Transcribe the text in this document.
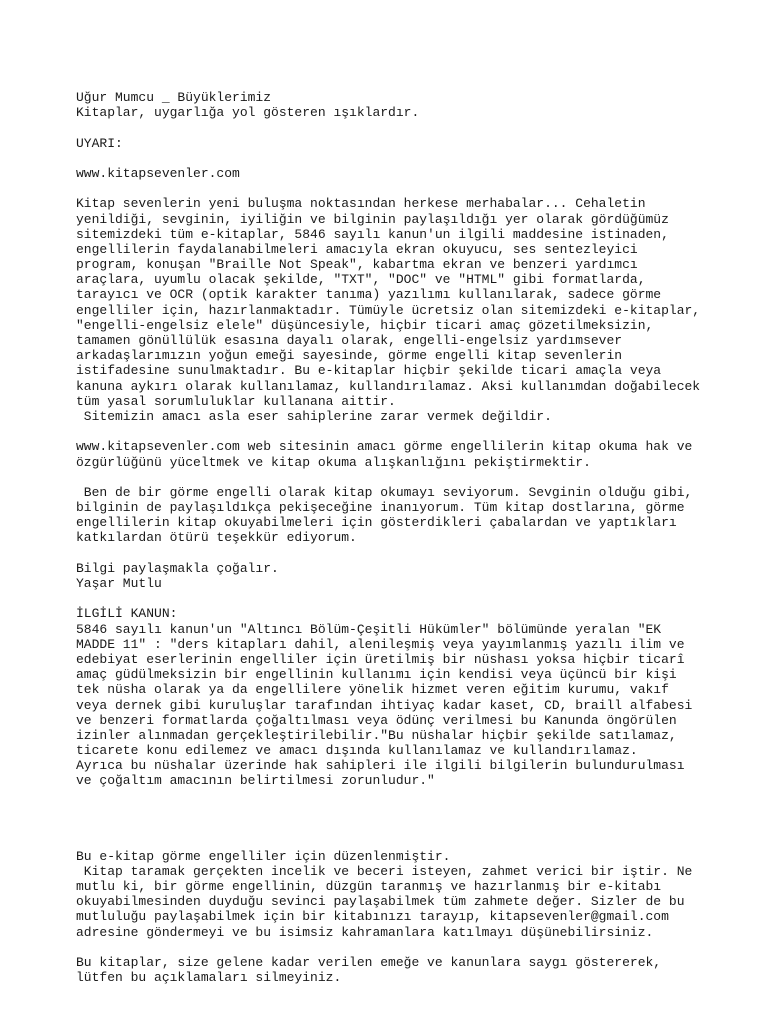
Uğur Mumcu _ Büyüklerimiz
Kitaplar, uygarlığa yol gösteren ışıklardır.
UYARI:
www.kitapsevenler.com
Kitap sevenlerin yeni buluşma noktasından herkese merhabalar... Cehaletin
yenildiği, sevginin, iyiliğin ve bilginin paylaşıldığı yer olarak gördüğümüz
sitemizdeki tüm e-kitaplar, 5846 sayılı kanun'un ilgili maddesine istinaden,
engellilerin faydalanabilmeleri amacıyla ekran okuyucu, ses sentezleyici
program, konuşan "Braille Not Speak", kabartma ekran ve benzeri yardımcı
araçlara, uyumlu olacak şekilde, "TXT", "DOC" ve "HTML" gibi formatlarda,
tarayıcı ve OCR (optik karakter tanıma) yazılımı kullanılarak, sadece görme
engelliler için, hazırlanmaktadır. Tümüyle ücretsiz olan sitemizdeki e-kitaplar,
"engelli-engelsiz elele" düşüncesiyle, hiçbir ticari amaç gözetilmeksizin,
tamamen gönüllülük esasına dayalı olarak, engelli-engelsiz yardımsever
arkadaşlarımızın yoğun emeği sayesinde, görme engelli kitap sevenlerin
istifadesine sunulmaktadır. Bu e-kitaplar hiçbir şekilde ticari amaçla veya
kanuna aykırı olarak kullanılamaz, kullandırılamaz. Aksi kullanımdan doğabilecek
tüm yasal sorumluluklar kullanana aittir.
Sitemizin amacı asla eser sahiplerine zarar vermek değildir.
www.kitapsevenler.com web sitesinin amacı görme engellilerin kitap okuma hak ve
özgürlüğünü yüceltmek ve kitap okuma alışkanlığını pekiştirmektir.
Ben de bir görme engelli olarak kitap okumayı seviyorum. Sevginin olduğu gibi,
bilginin de paylaşıldıkça pekişeceğine inanıyorum. Tüm kitap dostlarına, görme
engellilerin kitap okuyabilmeleri için gösterdikleri çabalardan ve yaptıkları
katkılardan ötürü teşekkür ediyorum.
Bilgi paylaşmakla çoğalır.
Yaşar Mutlu
İLGİLİ KANUN:
5846 sayılı kanun'un "Altıncı Bölüm-Çeşitli Hükümler" bölümünde yeralan "EK
MADDE 11" : "ders kitapları dahil, alenileşmiş veya yayımlanmış yazılı ilim ve
edebiyat eserlerinin engelliler için üretilmiş bir nüshası yoksa hiçbir ticarî
amaç güdülmeksizin bir engellinin kullanımı için kendisi veya üçüncü bir kişi
tek nüsha olarak ya da engellilere yönelik hizmet veren eğitim kurumu, vakıf
veya dernek gibi kuruluşlar tarafından ihtiyaç kadar kaset, CD, braill alfabesi
ve benzeri formatlarda çoğaltılması veya ödünç verilmesi bu Kanunda öngörülen
izinler alınmadan gerçekleştirilebilir."Bu nüshalar hiçbir şekilde satılamaz,
ticarete konu edilemez ve amacı dışında kullanılamaz ve kullandırılamaz.
Ayrıca bu nüshalar üzerinde hak sahipleri ile ilgili bilgilerin bulundurulması
ve çoğaltım amacının belirtilmesi zorunludur."
Bu e-kitap görme engelliler için düzenlenmiştir.
Kitap taramak gerçekten incelik ve beceri isteyen, zahmet verici bir iştir. Ne
mutlu ki, bir görme engellinin, düzgün taranmış ve hazırlanmış bir e-kitabı
okuyabilmesinden duyduğu sevinci paylaşabilmek tüm zahmete değer. Sizler de bu
mutluluğu paylaşabilmek için bir kitabınızı tarayıp, kitapsevenler@gmail.com
adresine göndermeyi ve bu isimsiz kahramanlara katılmayı düşünebilirsiniz.
Bu kitaplar, size gelene kadar verilen emeğe ve kanunlara saygı göstererek,
lütfen bu açıklamaları silmeyiniz.
